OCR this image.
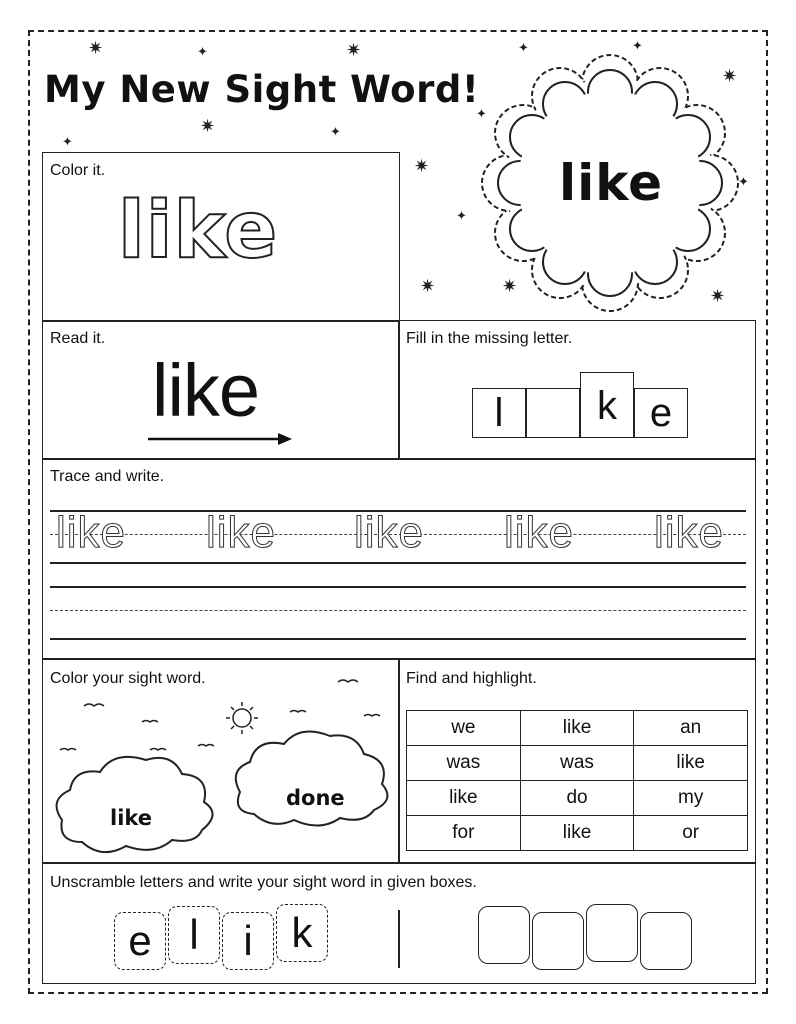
My New Sight Word!
✷	✦	✷	✦	✦
✷
✦
✷	✦
✦
✷
✦
✦
✷	✷	✷
like
Color it.
like
Read it.
like
Fill in the missing letter.
l	k e
Trace and write.
like like like like like
Color your sight word.
like
done
Find and highlight.
we	like	an
was	was	like
like	do	my
for	like	or
Unscramble letters and write your sight word in given boxes.
e l	i k
